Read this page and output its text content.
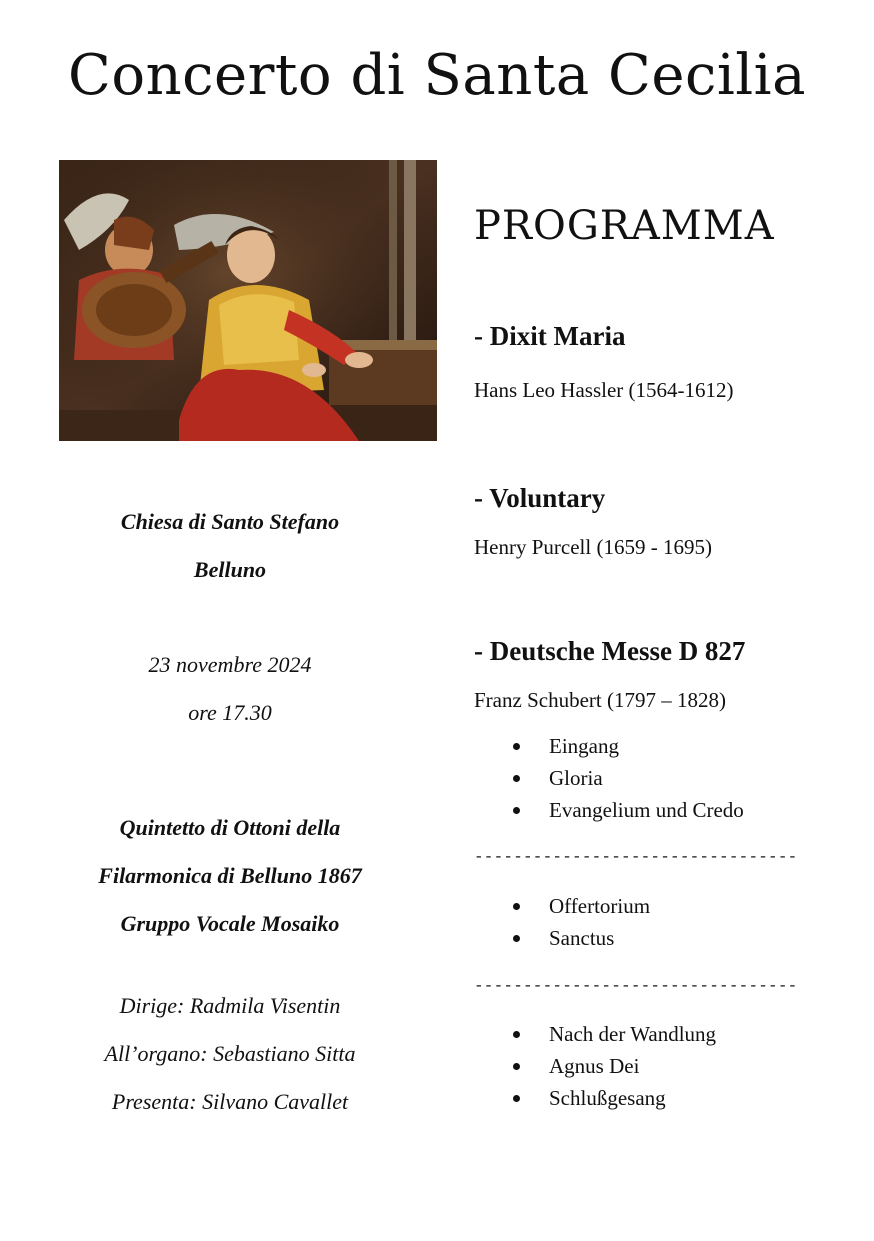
Concerto di Santa Cecilia

Chiesa di Santo Stefano

Belluno

23 novembre 2024

ore 17.30

Quintetto di Ottoni della

Filarmonica di Belluno 1867

Gruppo Vocale Mosaiko

Dirige: Radmila Visentin

All’organo: Sebastiano Sitta

Presenta: Silvano Cavallet

PROGRAMMA
- Dixit Maria
Hans Leo Hassler (1564-1612)
- Voluntary
Henry Purcell (1659 - 1695)
- Deutsche Messe D 827
Franz Schubert (1797 – 1828)
Eingang
Gloria
Evangelium und Credo
---------------------------------
Offertorium
Sanctus
---------------------------------
Nach der Wandlung
Agnus Dei
Schlußgesang
